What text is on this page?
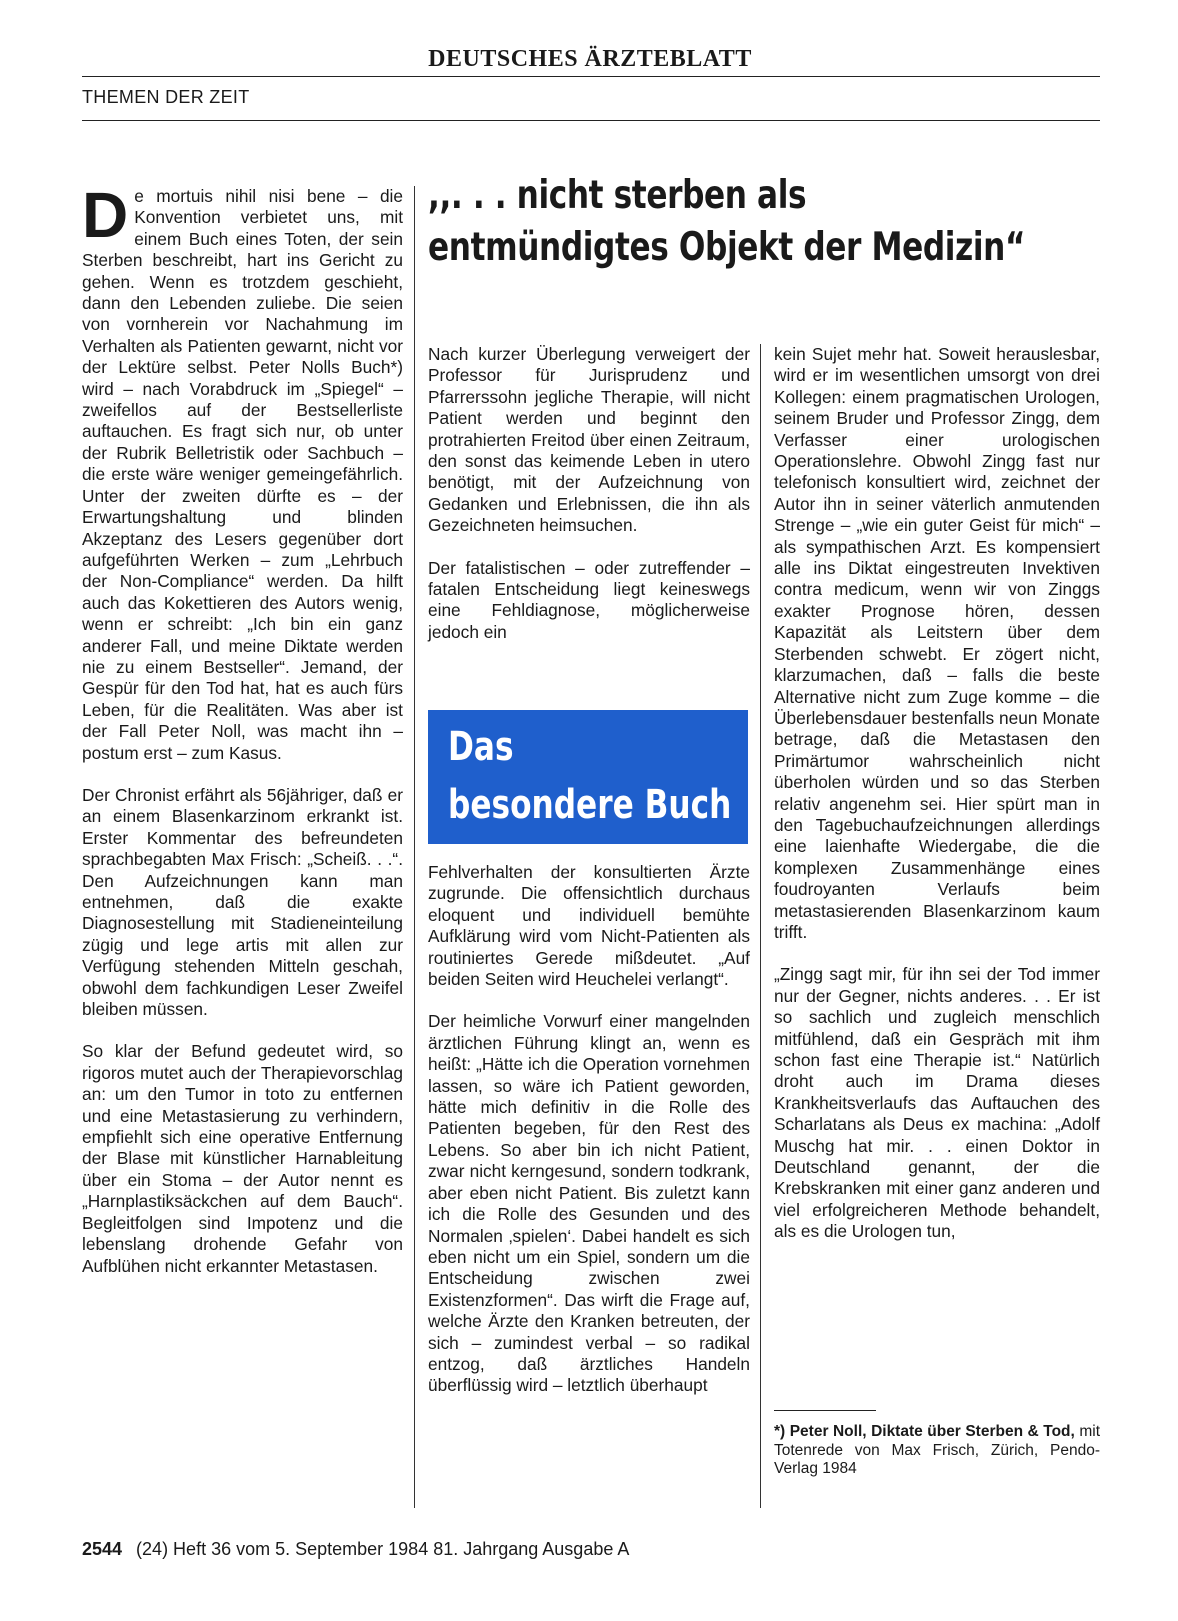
DEUTSCHES ÄRZTEBLATT
THEMEN DER ZEIT
,,. . . nicht sterben als
entmündigtes Objekt der Medizin“

De mortuis nihil nisi bene – die Konvention verbietet uns, mit einem Buch eines Toten, der sein Sterben beschreibt, hart ins Gericht zu gehen. Wenn es trotzdem geschieht, dann den Lebenden zuliebe. Die seien von vornherein vor Nachahmung im Verhalten als Patienten gewarnt, nicht vor der Lektüre selbst. Peter Nolls Buch*) wird – nach Vorabdruck im „Spiegel“ – zweifellos auf der Bestsellerliste auftauchen. Es fragt sich nur, ob unter der Rubrik Belletristik oder Sachbuch – die erste wäre weniger gemeingefährlich. Unter der zweiten dürfte es – der Erwartungshaltung und blinden Akzeptanz des Lesers gegenüber dort aufgeführten Werken – zum „Lehrbuch der Non-Compliance“ werden. Da hilft auch das Kokettieren des Autors wenig, wenn er schreibt: „Ich bin ein ganz anderer Fall, und meine Diktate werden nie zu einem Bestseller“. Jemand, der Gespür für den Tod hat, hat es auch fürs Leben, für die Realitäten. Was aber ist der Fall Peter Noll, was macht ihn – postum erst – zum Kasus.

Der Chronist erfährt als 56jähriger, daß er an einem Blasenkarzinom erkrankt ist. Erster Kommentar des befreundeten sprachbegabten Max Frisch: „Scheiß. . .“. Den Aufzeichnungen kann man entnehmen, daß die exakte Diagnosestellung mit Stadieneinteilung zügig und lege artis mit allen zur Verfügung stehenden Mitteln geschah, obwohl dem fachkundigen Leser Zweifel bleiben müssen.

So klar der Befund gedeutet wird, so rigoros mutet auch der Therapievorschlag an: um den Tumor in toto zu entfernen und eine Metastasierung zu verhindern, empfiehlt sich eine operative Entfernung der Blase mit künstlicher Harnableitung über ein Stoma – der Autor nennt es „Harnplastiksäckchen auf dem Bauch“. Begleitfolgen sind Impotenz und die lebenslang drohende Gefahr von Aufblühen nicht erkannter Metastasen.

Nach kurzer Überlegung verweigert der Professor für Jurisprudenz und Pfarrerssohn jegliche Therapie, will nicht Patient werden und beginnt den protrahierten Freitod über einen Zeitraum, den sonst das keimende Leben in utero benötigt, mit der Aufzeichnung von Gedanken und Erlebnissen, die ihn als Gezeichneten heimsuchen.

Der fatalistischen – oder zutreffender – fatalen Entscheidung liegt keineswegs eine Fehldiagnose, möglicherweise jedoch ein

Das
besondere Buch

Fehlverhalten der konsultierten Ärzte zugrunde. Die offensichtlich durchaus eloquent und individuell bemühte Aufklärung wird vom Nicht-Patienten als routiniertes Gerede mißdeutet. „Auf beiden Seiten wird Heuchelei verlangt“.

Der heimliche Vorwurf einer mangelnden ärztlichen Führung klingt an, wenn es heißt: „Hätte ich die Operation vornehmen lassen, so wäre ich Patient geworden, hätte mich definitiv in die Rolle des Patienten begeben, für den Rest des Lebens. So aber bin ich nicht Patient, zwar nicht kerngesund, sondern todkrank, aber eben nicht Patient. Bis zuletzt kann ich die Rolle des Gesunden und des Normalen ‚spielen‘. Dabei handelt es sich eben nicht um ein Spiel, sondern um die Entscheidung zwischen zwei Existenzformen“. Das wirft die Frage auf, welche Ärzte den Kranken betreuten, der sich – zumindest verbal – so radikal entzog, daß ärztliches Handeln überflüssig wird – letztlich überhaupt

kein Sujet mehr hat. Soweit herauslesbar, wird er im wesentlichen umsorgt von drei Kollegen: einem pragmatischen Urologen, seinem Bruder und Professor Zingg, dem Verfasser einer urologischen Operationslehre. Obwohl Zingg fast nur telefonisch konsultiert wird, zeichnet der Autor ihn in seiner väterlich anmutenden Strenge – „wie ein guter Geist für mich“ – als sympathischen Arzt. Es kompensiert alle ins Diktat eingestreuten Invektiven contra medicum, wenn wir von Zinggs exakter Prognose hören, dessen Kapazität als Leitstern über dem Sterbenden schwebt. Er zögert nicht, klarzumachen, daß – falls die beste Alternative nicht zum Zuge komme – die Überlebensdauer bestenfalls neun Monate betrage, daß die Metastasen den Primärtumor wahrscheinlich nicht überholen würden und so das Sterben relativ angenehm sei. Hier spürt man in den Tagebuchaufzeichnungen allerdings eine laienhafte Wiedergabe, die die komplexen Zusammenhänge eines foudroyanten Verlaufs beim metastasierenden Blasenkarzinom kaum trifft.

„Zingg sagt mir, für ihn sei der Tod immer nur der Gegner, nichts anderes. . . Er ist so sachlich und zugleich menschlich mitfühlend, daß ein Gespräch mit ihm schon fast eine Therapie ist.“ Natürlich droht auch im Drama dieses Krankheitsverlaufs das Auftauchen des Scharlatans als Deus ex machina: „Adolf Muschg hat mir. . . einen Doktor in Deutschland genannt, der die Krebskranken mit einer ganz anderen und viel erfolgreicheren Methode behandelt, als es die Urologen tun,

*) Peter Noll, Diktate über Sterben & Tod, mit Totenrede von Max Frisch, Zürich, Pendo-Verlag 1984
2544 (24) Heft 36 vom 5. September 1984 81. Jahrgang Ausgabe A
